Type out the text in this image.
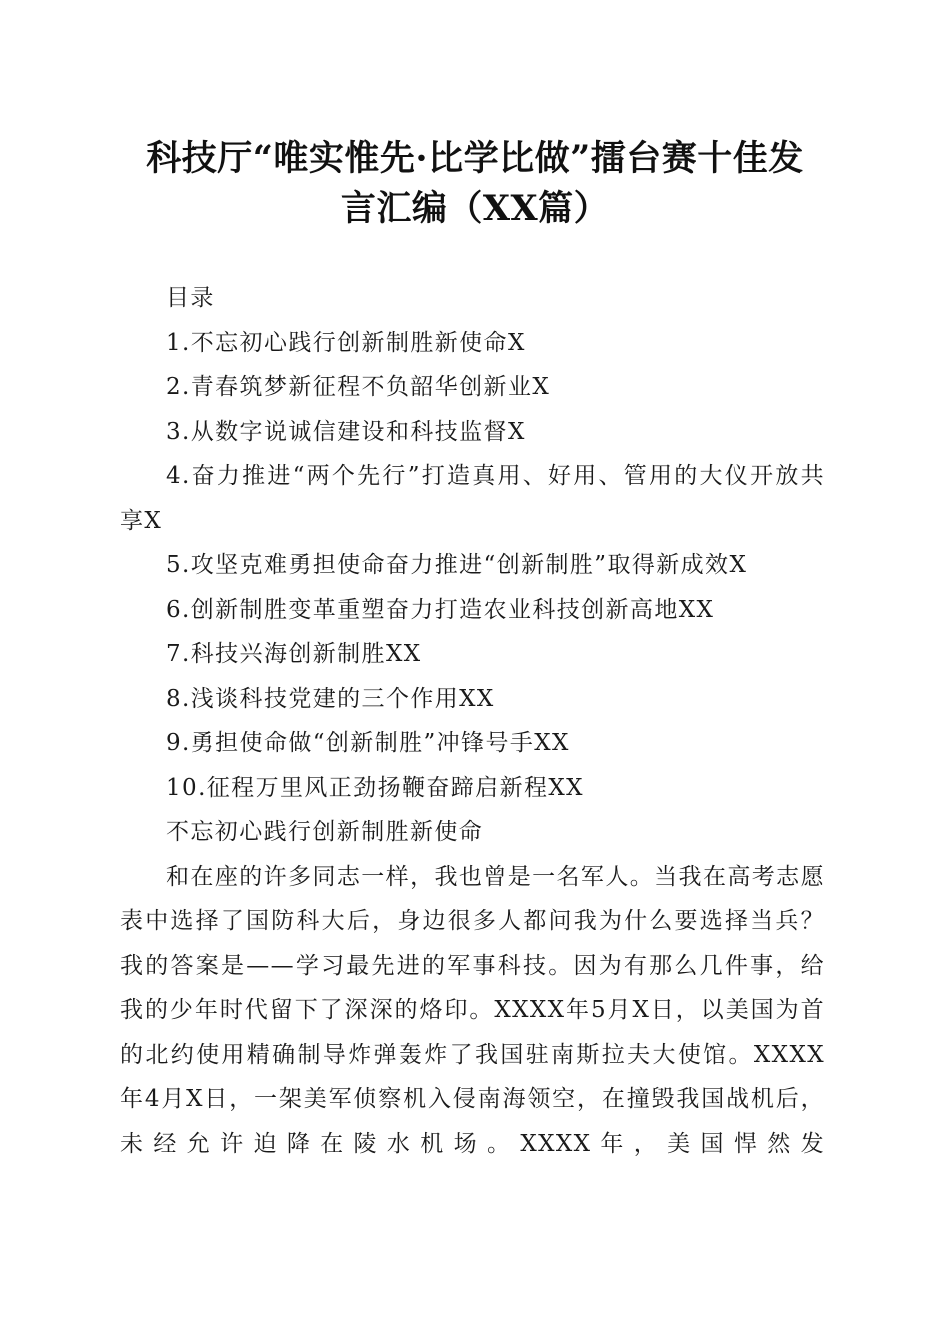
科技厅“唯实惟先·比学比做”擂台赛十佳发
言汇编（XX篇）

目录

1.不忘初心践行创新制胜新使命X

2.青春筑梦新征程不负韶华创新业X

3.从数字说诚信建设和科技监督X

4.奋力推进“两个先行”打造真用、好用、管用的大仪开放共享X

5.攻坚克难勇担使命奋力推进“创新制胜”取得新成效X

6.创新制胜变革重塑奋力打造农业科技创新高地XX

7.科技兴海创新制胜XX

8.浅谈科技党建的三个作用XX

9.勇担使命做“创新制胜”冲锋号手XX

10.征程万里风正劲扬鞭奋蹄启新程XX

不忘初心践行创新制胜新使命

和在座的许多同志一样，我也曾是一名军人。当我在高考志愿表中选择了国防科大后，身边很多人都问我为什么要选择当兵？我的答案是——学习最先进的军事科技。因为有那么几件事，给我的少年时代留下了深深的烙印。XXXX年5月X日，以美国为首的北约使用精确制导炸弹轰炸了我国驻南斯拉夫大使馆。XXXX年4月X日，一架美军侦察机入侵南海领空，在撞毁我国战机后，未经允许迫降在陵水机场。XXXX年，美国悍然发
